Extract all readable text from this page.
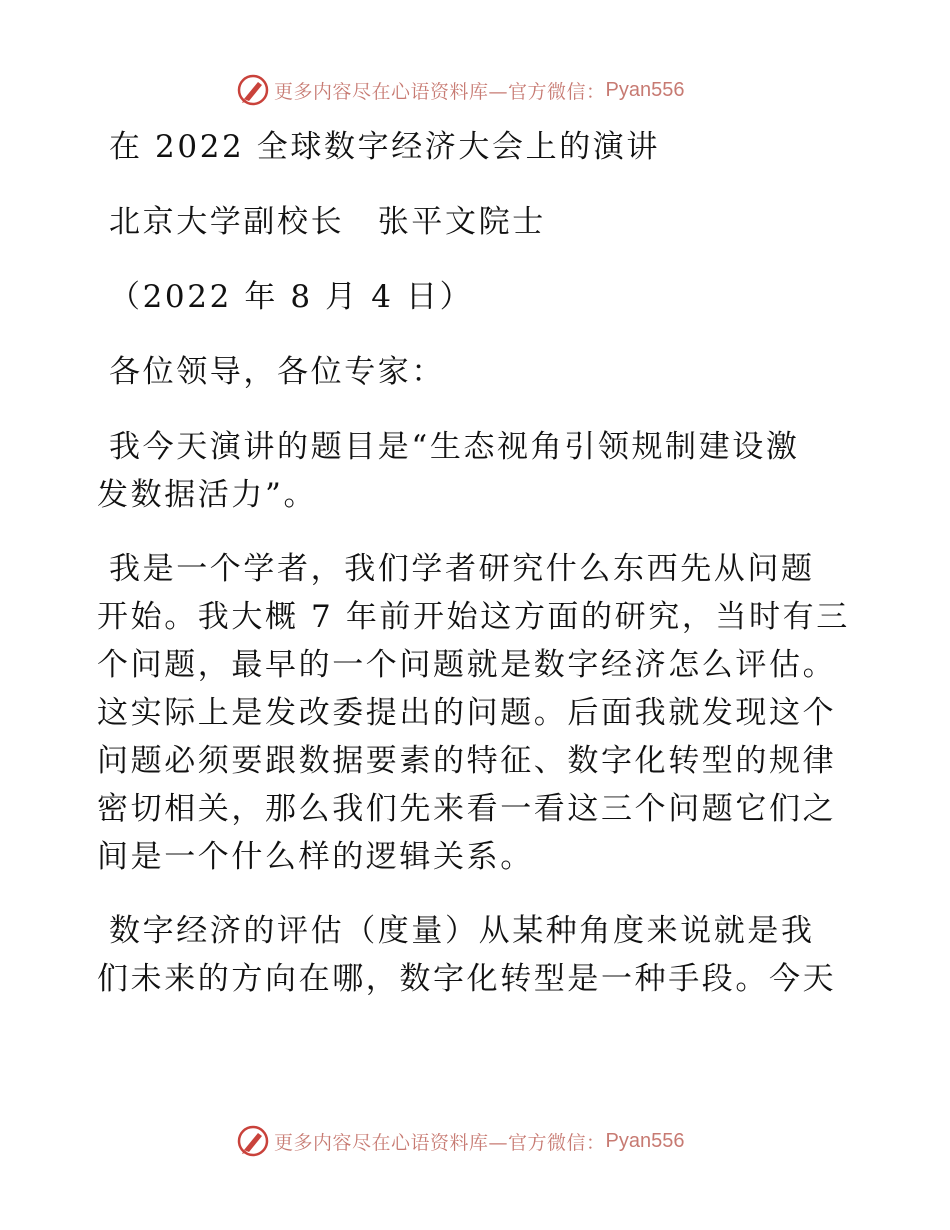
更多内容尽在心语资料库—官方微信： Pyan556

在 2022 全球数字经济大会上的演讲

北京大学副校长　张平文院士

（2022 年 8 月 4 日）

各位领导，各位专家：

我今天演讲的题目是“生态视角引领规制建设激

发数据活力”。

我是一个学者，我们学者研究什么东西先从问题

开始。我大概 7 年前开始这方面的研究，当时有三

个问题，最早的一个问题就是数字经济怎么评估。

这实际上是发改委提出的问题。后面我就发现这个

问题必须要跟数据要素的特征、数字化转型的规律

密切相关，那么我们先来看一看这三个问题它们之

间是一个什么样的逻辑关系。

数字经济的评估（度量）从某种角度来说就是我

们未来的方向在哪，数字化转型是一种手段。今天

更多内容尽在心语资料库—官方微信： Pyan556
